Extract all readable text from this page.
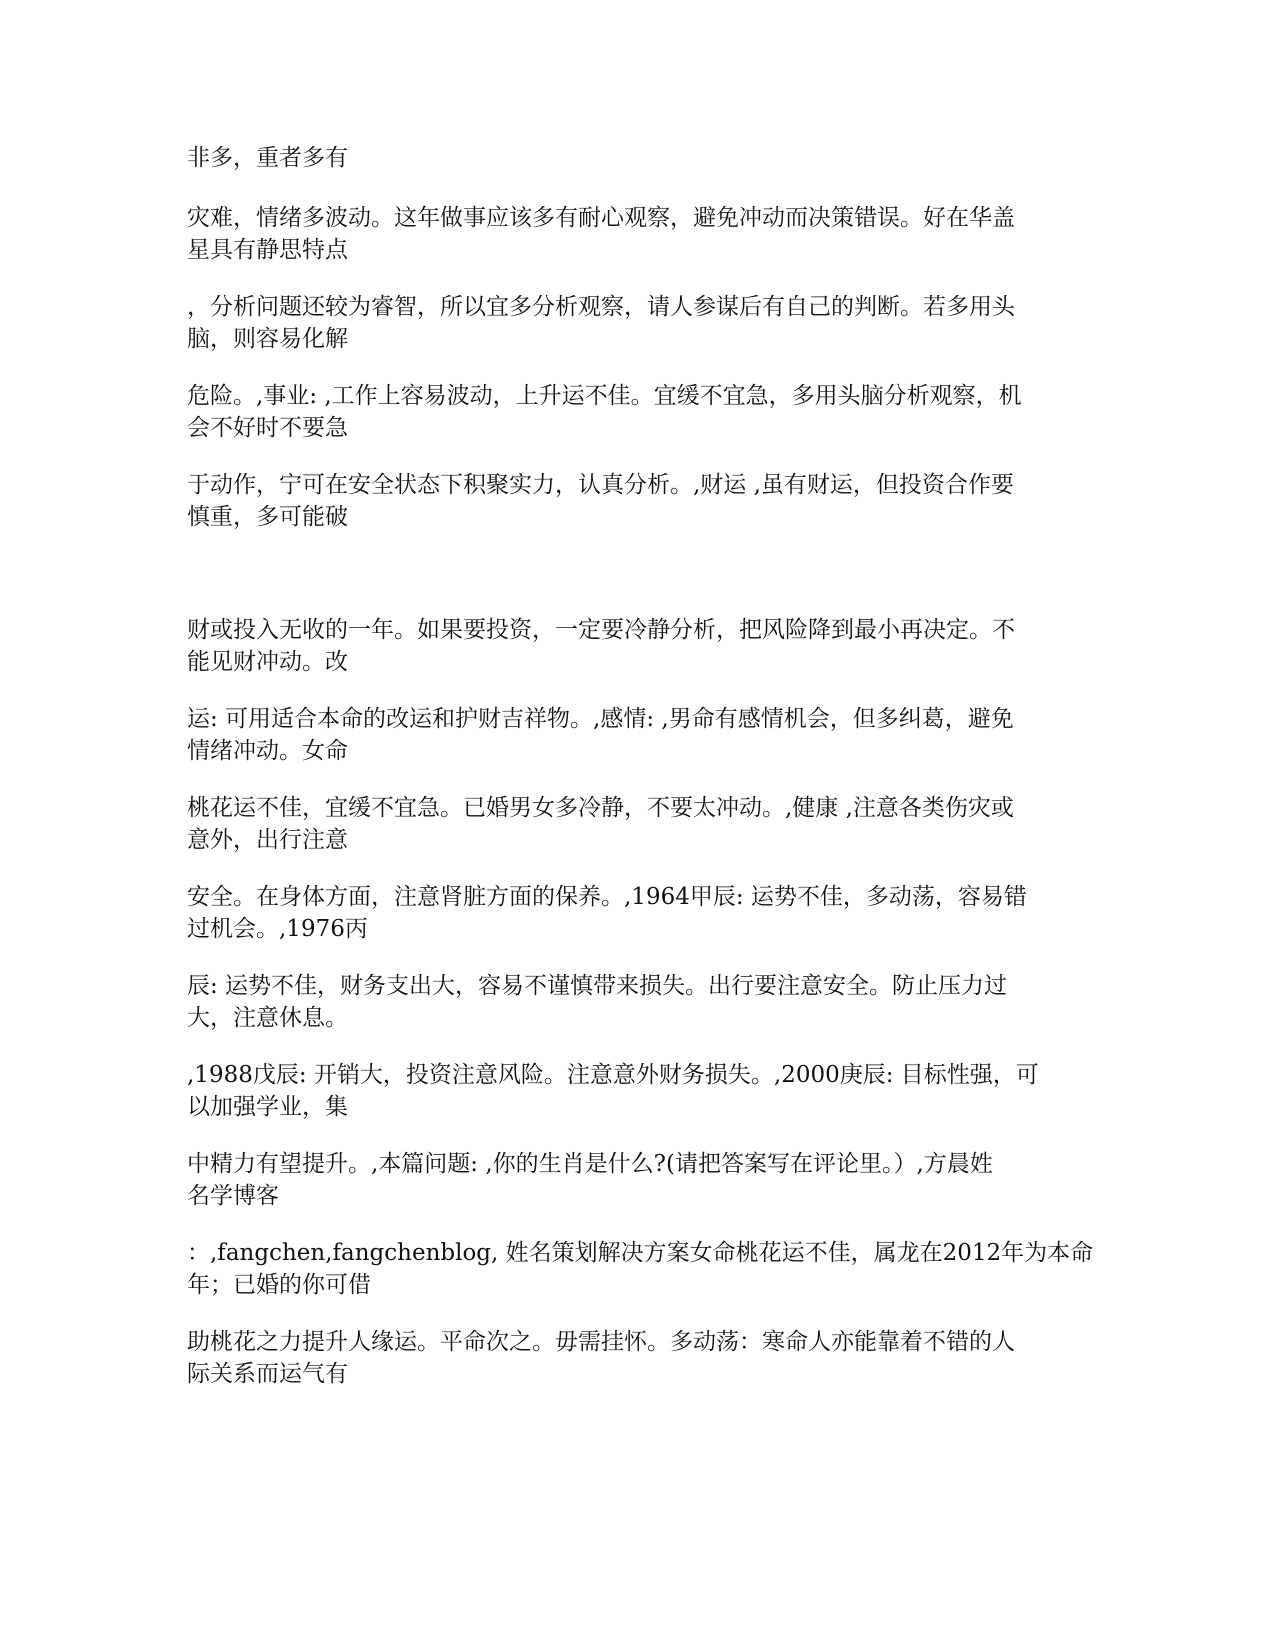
非多，重者多有
灾难，情绪多波动。这年做事应该多有耐心观察，避免冲动而决策错误。好在华盖
星具有静思特点
，分析问题还较为睿智，所以宜多分析观察，请人参谋后有自己的判断。若多用头
脑，则容易化解
危险。,事业: ,工作上容易波动，上升运不佳。宜缓不宜急，多用头脑分析观察，机
会不好时不要急
于动作，宁可在安全状态下积聚实力，认真分析。,财运 ,虽有财运，但投资合作要
慎重，多可能破
财或投入无收的一年。如果要投资，一定要冷静分析，把风险降到最小再决定。不
能见财冲动。改
运: 可用适合本命的改运和护财吉祥物。,感情: ,男命有感情机会，但多纠葛，避免
情绪冲动。女命
桃花运不佳，宜缓不宜急。已婚男女多冷静，不要太冲动。,健康 ,注意各类伤灾或
意外，出行注意
安全。在身体方面，注意肾脏方面的保养。,1964甲辰: 运势不佳，多动荡，容易错
过机会。,1976丙
辰: 运势不佳，财务支出大，容易不谨慎带来损失。出行要注意安全。防止压力过
大，注意休息。
,1988戊辰: 开销大，投资注意风险。注意意外财务损失。,2000庚辰: 目标性强，可
以加强学业，集
中精力有望提升。,本篇问题: ,你的生肖是什么?(请把答案写在评论里。）,方晨姓
名学博客
：,fangchen,fangchenblog, 姓名策划解决方案女命桃花运不佳，属龙在2012年为本命
年；已婚的你可借
助桃花之力提升人缘运。平命次之。毋需挂怀。多动荡：寒命人亦能靠着不错的人
际关系而运气有
